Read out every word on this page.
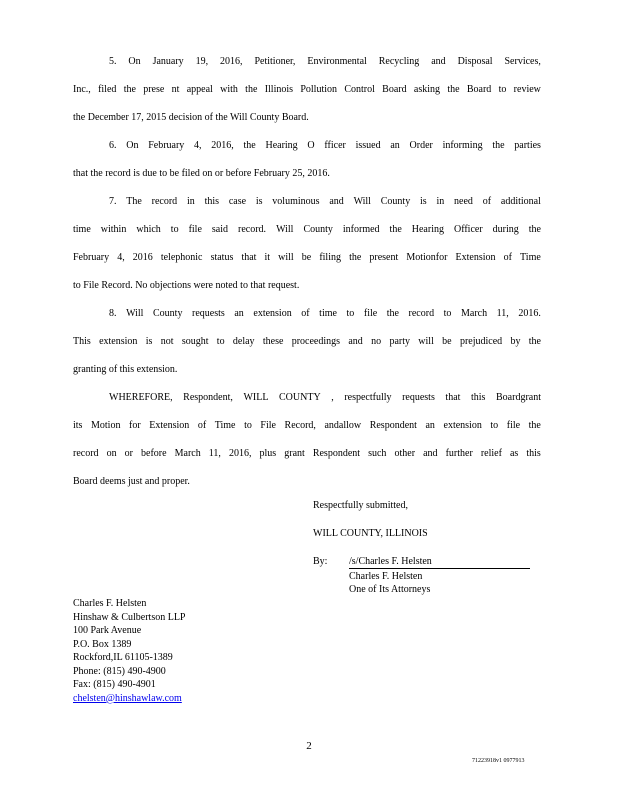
5. On January 19, 2016, Petitioner, Environmental Recycling and Disposal Services,
Inc., filed the prese nt appeal with the Illinois Pollution Control Board asking the Board to review
the December 17, 2015 decision of the Will County Board.
6. On February 4, 2016, the Hearing O fficer issued an Order informing the parties
that the record is due to be filed on or before February 25, 2016.
7. The record in this case is voluminous and Will County is in need of additional
time within which to file said record. Will County informed the Hearing Officer during the
February 4, 2016 telephonic status that it will be filing the present Motionfor Extension of Time
to File Record. No objections were noted to that request.
8. Will County requests an extension of time to file the record to March 11, 2016.
This extension is not sought to delay these proceedings and no party will be prejudiced by the
granting of this extension.
WHEREFORE, Respondent, WILL COUNTY , respectfully requests that this Boardgrant
its Motion for Extension of Time to File Record, andallow Respondent an extension to file the
record on or before March 11, 2016, plus grant Respondent such other and further relief as this
Board deems just and proper.
Respectfully submitted,
WILL COUNTY, ILLINOIS
By: /s/Charles F. Helsten
Charles F. Helsten
One of Its Attorneys
Charles F. Helsten
Hinshaw & Culbertson LLP
100 Park Avenue
P.O. Box 1389
Rockford,IL 61105-1389
Phone: (815) 490-4900
Fax: (815) 490-4901
chelsten@hinshawlaw.com
2
71223918v1 0977913
